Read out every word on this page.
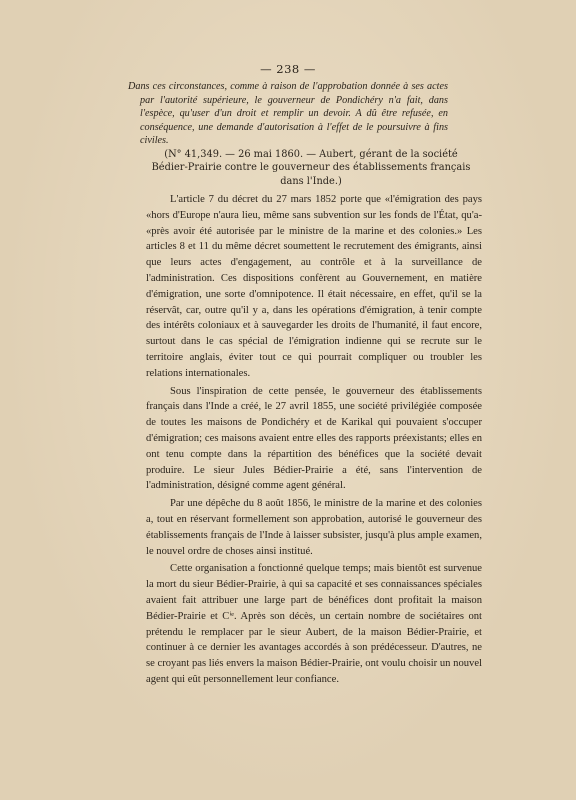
— 238 —

Dans ces circonstances, comme à raison de l'approbation donnée à ses actes par l'autorité supérieure, le gouverneur de Pondichéry n'a fait, dans l'espèce, qu'user d'un droit et remplir un devoir. A dû être refusée, en conséquence, une demande d'autorisation à l'effet de le poursuivre à fins civiles.

(N° 41,349. — 26 mai 1860. — Aubert, gérant de la société Bédier-Prairie contre le gouverneur des établissements français dans l'Inde.)

L'article 7 du décret du 27 mars 1852 porte que «l'émigration des pays «hors d'Europe n'aura lieu, même sans subvention sur les fonds de l'État, qu'a- «près avoir été autorisée par le ministre de la marine et des colonies.» Les articles 8 et 11 du même décret soumettent le recrutement des émigrants, ainsi que leurs actes d'engagement, au contrôle et à la surveillance de l'administration. Ces dispositions confèrent au Gouvernement, en matière d'émigration, une sorte d'omnipotence. Il était nécessaire, en effet, qu'il se la réservât, car, outre qu'il y a, dans les opérations d'émigration, à tenir compte des intérêts coloniaux et à sauvegarder les droits de l'humanité, il faut encore, surtout dans le cas spécial de l'émigration indienne qui se recrute sur le territoire anglais, éviter tout ce qui pourrait compliquer ou troubler les relations internationales.

Sous l'inspiration de cette pensée, le gouverneur des établissements français dans l'Inde a créé, le 27 avril 1855, une société privilégiée composée de toutes les maisons de Pondichéry et de Karikal qui pouvaient s'occuper d'émigration; ces maisons avaient entre elles des rapports préexistants; elles en ont tenu compte dans la répartition des bénéfices que la société devait produire. Le sieur Jules Bédier-Prairie a été, sans l'intervention de l'administration, désigné comme agent général.

Par une dépêche du 8 août 1856, le ministre de la marine et des colonies a, tout en réservant formellement son approbation, autorisé le gouverneur des établissements français de l'Inde à laisser subsister, jusqu'à plus ample examen, le nouvel ordre de choses ainsi institué.

Cette organisation a fonctionné quelque temps; mais bientôt est survenue la mort du sieur Bédier-Prairie, à qui sa capacité et ses connaissances spéciales avaient fait attribuer une large part de bénéfices dont profitait la maison Bédier-Prairie et Cⁱᵉ. Après son décès, un certain nombre de sociétaires ont prétendu le remplacer par le sieur Aubert, de la maison Bédier-Prairie, et continuer à ce dernier les avantages accordés à son prédécesseur. D'autres, ne se croyant pas liés envers la maison Bédier-Prairie, ont voulu choisir un nouvel agent qui eût personnellement leur confiance.
